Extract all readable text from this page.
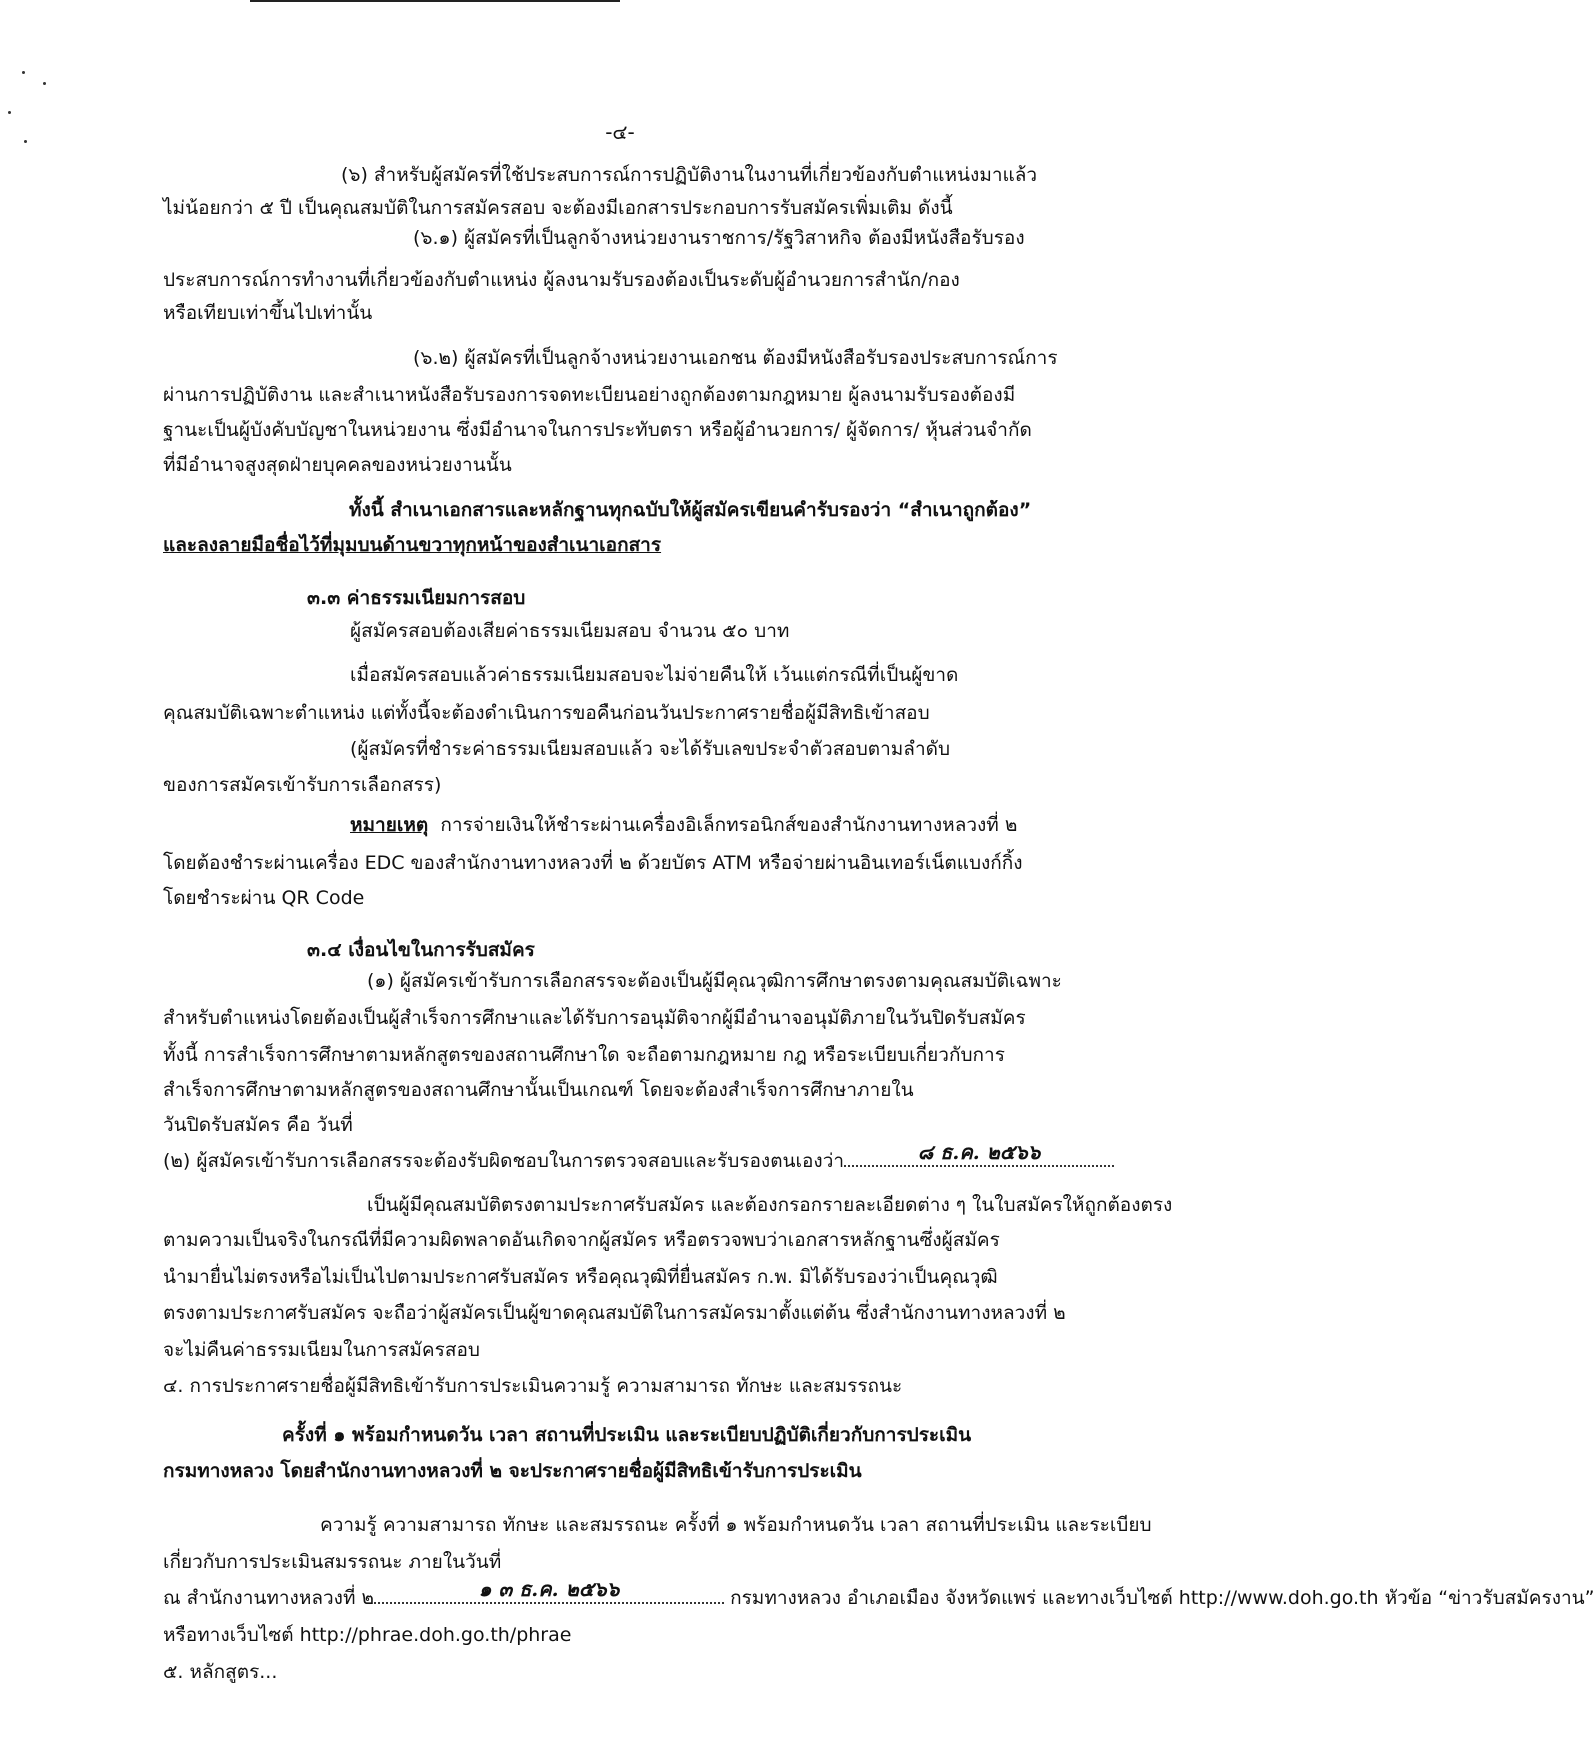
-๔-
(๖) สำหรับผู้สมัครที่ใช้ประสบการณ์การปฏิบัติงานในงานที่เกี่ยวข้องกับตำแหน่งมาแล้ว
ไม่น้อยกว่า ๕ ปี เป็นคุณสมบัติในการสมัครสอบ จะต้องมีเอกสารประกอบการรับสมัครเพิ่มเติม ดังนี้
(๖.๑) ผู้สมัครที่เป็นลูกจ้างหน่วยงานราชการ/รัฐวิสาหกิจ ต้องมีหนังสือรับรอง
ประสบการณ์การทำงานที่เกี่ยวข้องกับตำแหน่ง ผู้ลงนามรับรองต้องเป็นระดับผู้อำนวยการสำนัก/กอง
หรือเทียบเท่าขึ้นไปเท่านั้น
(๖.๒) ผู้สมัครที่เป็นลูกจ้างหน่วยงานเอกชน ต้องมีหนังสือรับรองประสบการณ์การ
ผ่านการปฏิบัติงาน และสำเนาหนังสือรับรองการจดทะเบียนอย่างถูกต้องตามกฎหมาย ผู้ลงนามรับรองต้องมี
ฐานะเป็นผู้บังคับบัญชาในหน่วยงาน ซึ่งมีอำนาจในการประทับตรา หรือผู้อำนวยการ/ ผู้จัดการ/ หุ้นส่วนจำกัด
ที่มีอำนาจสูงสุดฝ่ายบุคคลของหน่วยงานนั้น
ทั้งนี้ สำเนาเอกสารและหลักฐานทุกฉบับให้ผู้สมัครเขียนคำรับรองว่า “สำเนาถูกต้อง”
และลงลายมือชื่อไว้ที่มุมบนด้านขวาทุกหน้าของสำเนาเอกสาร
๓.๓ ค่าธรรมเนียมการสอบ
ผู้สมัครสอบต้องเสียค่าธรรมเนียมสอบ จำนวน ๕๐ บาท
เมื่อสมัครสอบแล้วค่าธรรมเนียมสอบจะไม่จ่ายคืนให้ เว้นแต่กรณีที่เป็นผู้ขาด
คุณสมบัติเฉพาะตำแหน่ง แต่ทั้งนี้จะต้องดำเนินการขอคืนก่อนวันประกาศรายชื่อผู้มีสิทธิเข้าสอบ
(ผู้สมัครที่ชำระค่าธรรมเนียมสอบแล้ว จะได้รับเลขประจำตัวสอบตามลำดับ
ของการสมัครเข้ารับการเลือกสรร)
หมายเหตุ การจ่ายเงินให้ชำระผ่านเครื่องอิเล็กทรอนิกส์ของสำนักงานทางหลวงที่ ๒
โดยต้องชำระผ่านเครื่อง EDC ของสำนักงานทางหลวงที่ ๒ ด้วยบัตร ATM หรือจ่ายผ่านอินเทอร์เน็ตแบงก์กิ้ง
โดยชำระผ่าน QR Code
๓.๔ เงื่อนไขในการรับสมัคร
(๑) ผู้สมัครเข้ารับการเลือกสรรจะต้องเป็นผู้มีคุณวุฒิการศึกษาตรงตามคุณสมบัติเฉพาะ
สำหรับตำแหน่งโดยต้องเป็นผู้สำเร็จการศึกษาและได้รับการอนุมัติจากผู้มีอำนาจอนุมัติภายในวันปิดรับสมัคร
ทั้งนี้ การสำเร็จการศึกษาตามหลักสูตรของสถานศึกษาใด จะถือตามกฎหมาย กฎ หรือระเบียบเกี่ยวกับการ
สำเร็จการศึกษาตามหลักสูตรของสถานศึกษานั้นเป็นเกณฑ์ โดยจะต้องสำเร็จการศึกษาภายใน
วันปิดรับสมัคร คือ วันที่
(๒) ผู้สมัครเข้ารับการเลือกสรรจะต้องรับผิดชอบในการตรวจสอบและรับรองตนเองว่า	๘ ธ.ค. ๒๕๖๖
เป็นผู้มีคุณสมบัติตรงตามประกาศรับสมัคร และต้องกรอกรายละเอียดต่าง ๆ ในใบสมัครให้ถูกต้องตรง
ตามความเป็นจริงในกรณีที่มีความผิดพลาดอันเกิดจากผู้สมัคร หรือตรวจพบว่าเอกสารหลักฐานซึ่งผู้สมัคร
นำมายื่นไม่ตรงหรือไม่เป็นไปตามประกาศรับสมัคร หรือคุณวุฒิที่ยื่นสมัคร ก.พ. มิได้รับรองว่าเป็นคุณวุฒิ
ตรงตามประกาศรับสมัคร จะถือว่าผู้สมัครเป็นผู้ขาดคุณสมบัติในการสมัครมาตั้งแต่ต้น ซึ่งสำนักงานทางหลวงที่ ๒
จะไม่คืนค่าธรรมเนียมในการสมัครสอบ
๔. การประกาศรายชื่อผู้มีสิทธิเข้ารับการประเมินความรู้ ความสามารถ ทักษะ และสมรรถนะ
ครั้งที่ ๑ พร้อมกำหนดวัน เวลา สถานที่ประเมิน และระเบียบปฏิบัติเกี่ยวกับการประเมิน
กรมทางหลวง โดยสำนักงานทางหลวงที่ ๒ จะประกาศรายชื่อผู้มีสิทธิเข้ารับการประเมิน
ความรู้ ความสามารถ ทักษะ และสมรรถนะ ครั้งที่ ๑ พร้อมกำหนดวัน เวลา สถานที่ประเมิน และระเบียบ
เกี่ยวกับการประเมินสมรรถนะ ภายในวันที่
ณ สำนักงานทางหลวงที่ ๒	๑ ๓ ธ.ค. ๒๕๖๖	กรมทางหลวง อำเภอเมือง จังหวัดแพร่ และทางเว็บไซต์ http://www.doh.go.th หัวข้อ “ข่าวรับสมัครงาน”
หรือทางเว็บไซต์ http://phrae.doh.go.th/phrae
๕. หลักสูตร...
